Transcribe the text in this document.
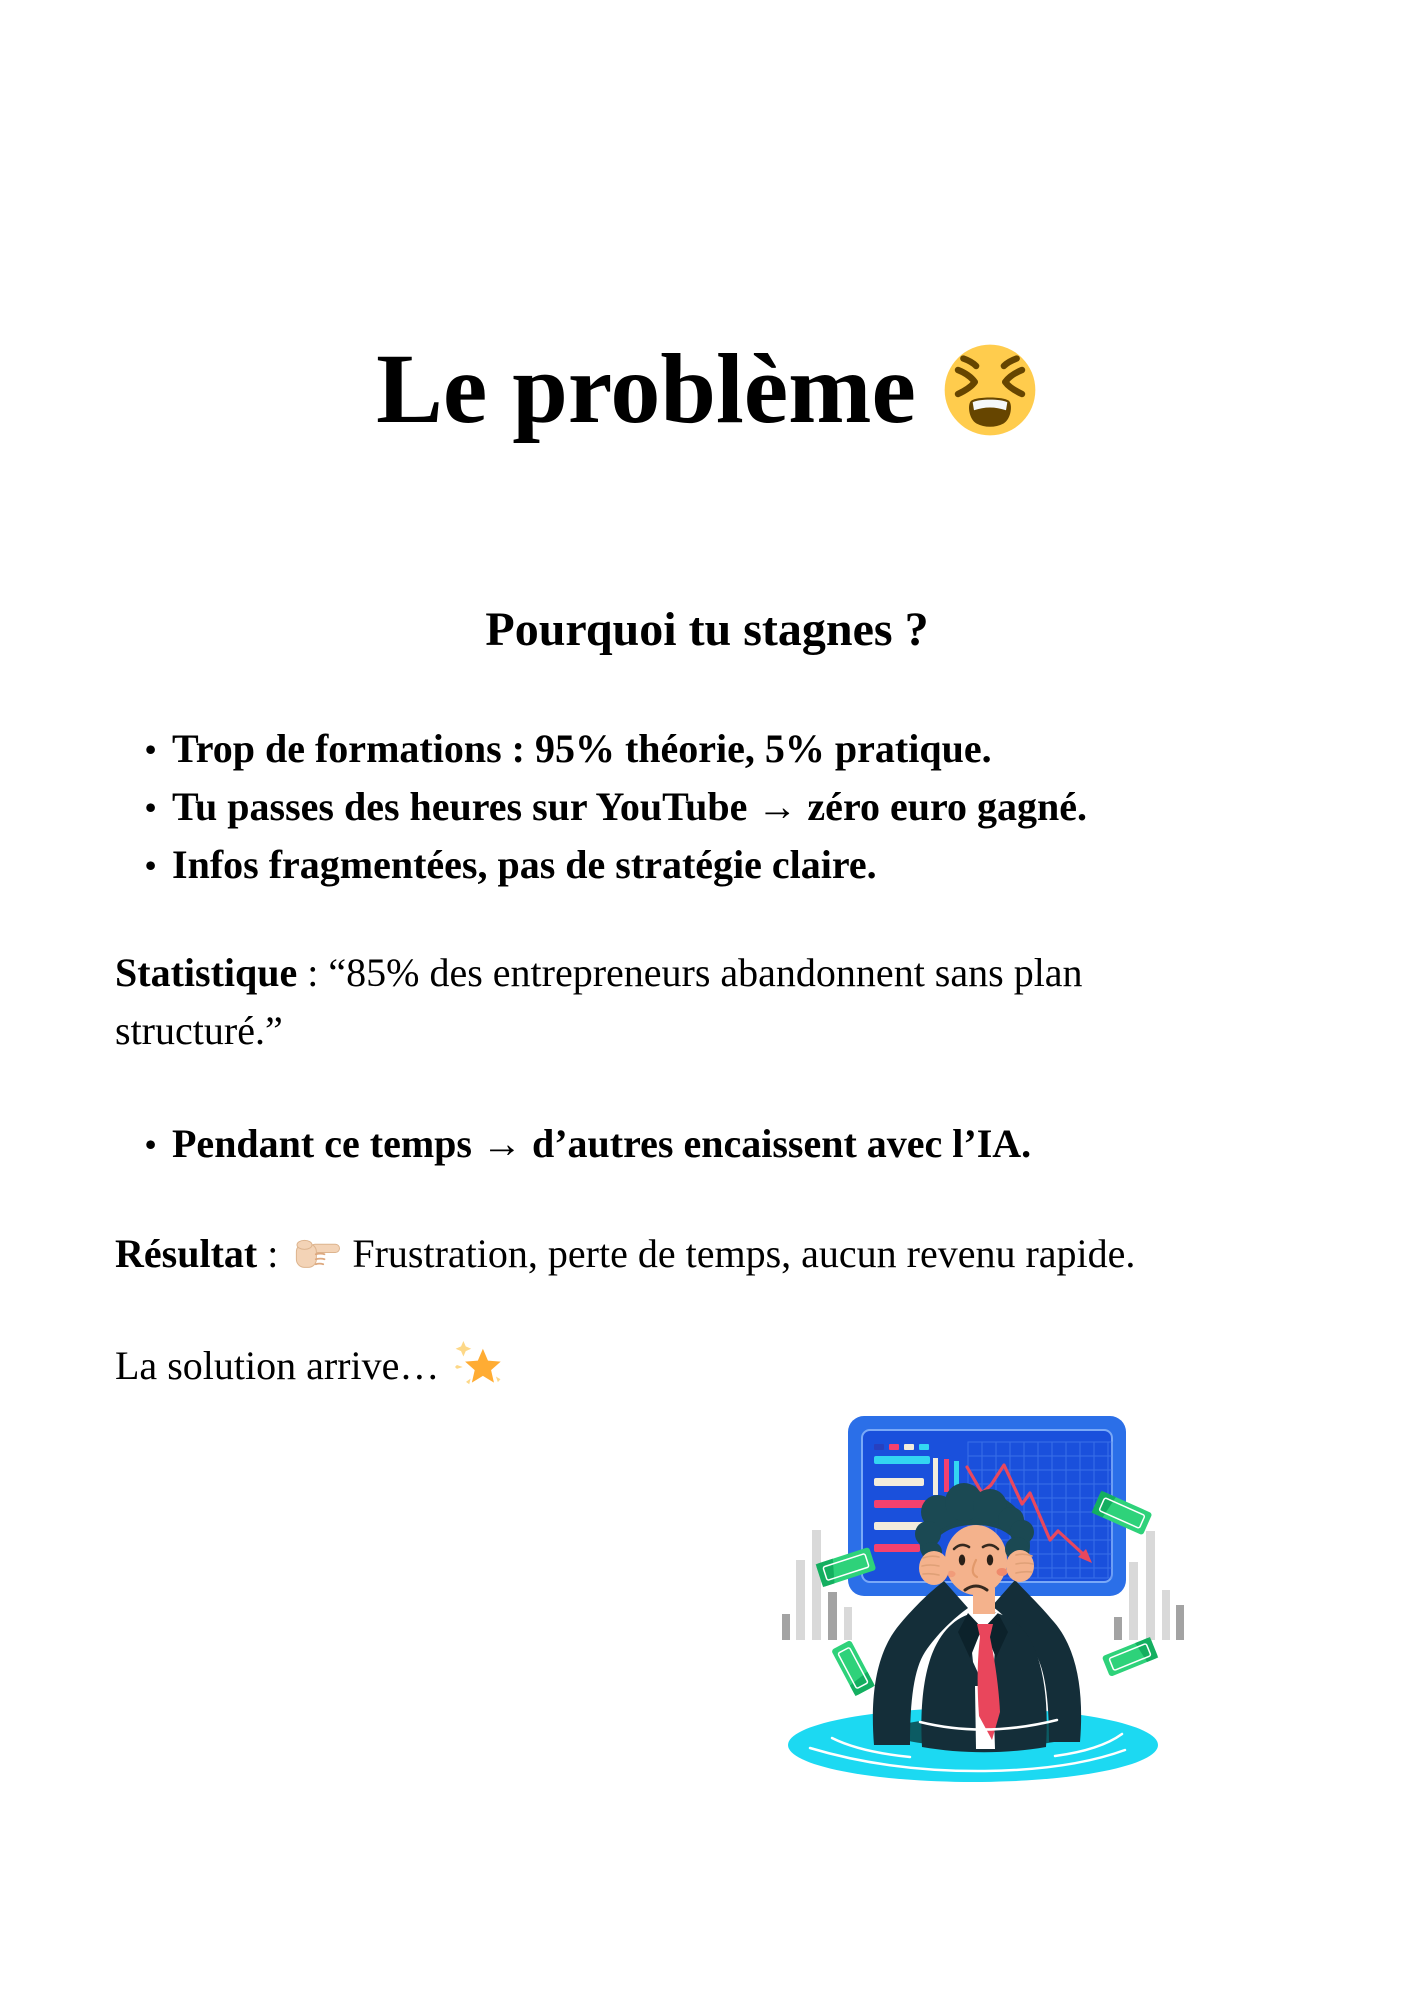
Le problème
Pourquoi tu stagnes ?
• Trop de formations : 95% théorie, 5% pratique.
• Tu passes des heures sur YouTube → zéro euro gagné.
• Infos fragmentées, pas de stratégie claire.

Statistique : “85% des entrepreneurs abandonnent sans plan
structuré.”

• Pendant ce temps → d’autres encaissent avec l’IA.

Résultat : Frustration, perte de temps, aucun revenu rapide.

La solution arrive…
